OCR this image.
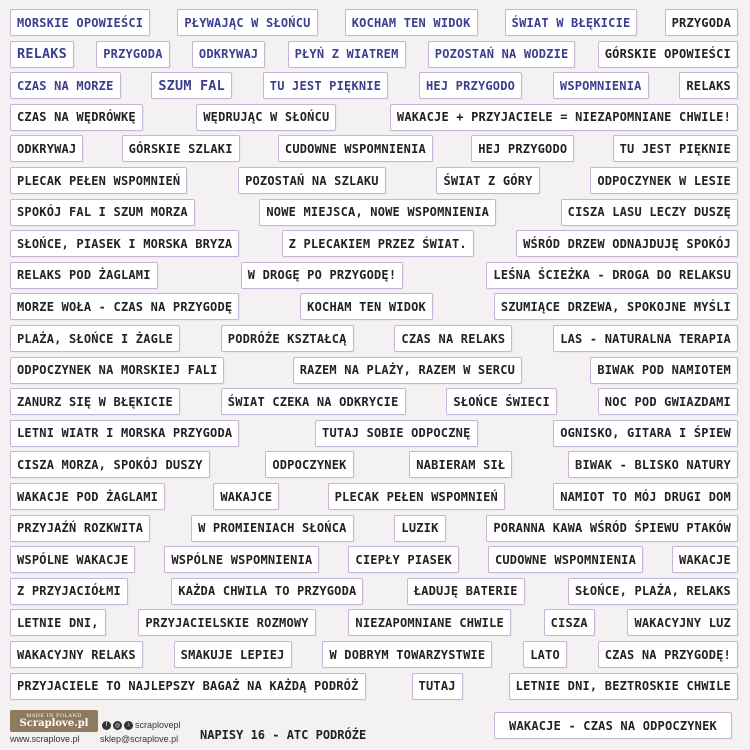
MORSKIE OPOWIEŚCI	PŁYWAJĄC W SŁOŃCU	KOCHAM TEN WIDOK	ŚWIAT W BŁĘKICIE	PRZYGODA
RELAKS	PRZYGODA	ODKRYWAJ	PŁYŃ Z WIATREM	POZOSTAŃ NA WODZIE	GÓRSKIE OPOWIEŚCI
CZAS NA MORZE	SZUM FAL	TU JEST PIĘKNIE	HEJ PRZYGODO	WSPOMNIENIA	RELAKS
CZAS NA WĘDRÓWKĘ	WĘDRUJĄC W SŁOŃCU	WAKACJE + PRZYJACIELE = NIEZAPOMNIANE CHWILE!
ODKRYWAJ	GÓRSKIE SZLAKI	CUDOWNE WSPOMNIENIA	HEJ PRZYGODO	TU JEST PIĘKNIE
PLECAK PEŁEN WSPOMNIEŃ	POZOSTAŃ NA SZLAKU	ŚWIAT Z GÓRY	ODPOCZYNEK W LESIE
SPOKÓJ FAL I SZUM MORZA	NOWE MIEJSCA, NOWE WSPOMNIENIA	CISZA LASU LECZY DUSZĘ
SŁOŃCE, PIASEK I MORSKA BRYZA	Z PLECAKIEM PRZEZ ŚWIAT.	WŚRÓD DRZEW ODNAJDUJĘ SPOKÓJ
RELAKS POD ŻAGLAMI	W DROGĘ PO PRZYGODĘ!	LEŚNA ŚCIEŻKA - DROGA DO RELAKSU
MORZE WOŁA - CZAS NA PRZYGODĘ	KOCHAM TEN WIDOK	SZUMIĄCE DRZEWA, SPOKOJNE MYŚLI
PLAŻA, SŁOŃCE I ŻAGLE	PODRÓŻE KSZTAŁCĄ	CZAS NA RELAKS	LAS - NATURALNA TERAPIA
ODPOCZYNEK NA MORSKIEJ FALI	RAZEM NA PLAŻY, RAZEM W SERCU	BIWAK POD NAMIOTEM
ZANURZ SIĘ W BŁĘKICIE	ŚWIAT CZEKA NA ODKRYCIE	SŁOŃCE ŚWIECI	NOC POD GWIAZDAMI
LETNI WIATR I MORSKA PRZYGODA	TUTAJ SOBIE ODPOCZNĘ	OGNISKO, GITARA I ŚPIEW
CISZA MORZA, SPOKÓJ DUSZY	ODPOCZYNEK	NABIERAM SIŁ	BIWAK - BLISKO NATURY
WAKACJE POD ŻAGLAMI	WAKAJCE	PLECAK PEŁEN WSPOMNIEŃ	NAMIOT TO MÓJ DRUGI DOM
PRZYJAŹŃ ROZKWITA	W PROMIENIACH SŁOŃCA	LUZIK	PORANNA KAWA WŚRÓD ŚPIEWU PTAKÓW
WSPÓLNE WAKACJE	WSPÓLNE WSPOMNIENIA	CIEPŁY PIASEK	CUDOWNE WSPOMNIENIA	WAKACJE
Z PRZYJACIÓŁMI	KAŻDA CHWILA TO PRZYGODA	ŁADUJĘ BATERIE	SŁOŃCE, PLAŻA, RELAKS
LETNIE DNI,	PRZYJACIELSKIE ROZMOWY	NIEZAPOMNIANE CHWILE	CISZA	WAKACYJNY LUZ
WAKACYJNY RELAKS	SMAKUJE LEPIEJ	W DOBRYM TOWARZYSTWIE	LATO	CZAS NA PRZYGODĘ!
PRZYJACIELE TO NAJLEPSZY BAGAŻ NA KAŻDĄ PODRÓŻ	TUTAJ	LETNIE DNI, BEZTROSKIE CHWILE
MADE IN POLAND
Scraplove.pl	f	◎	♪ scraplovepl
www.scraplove.pl sklep@scraplove.pl NAPISY 16 - ATC PODRÓŻE
WAKACJE - CZAS NA ODPOCZYNEK
